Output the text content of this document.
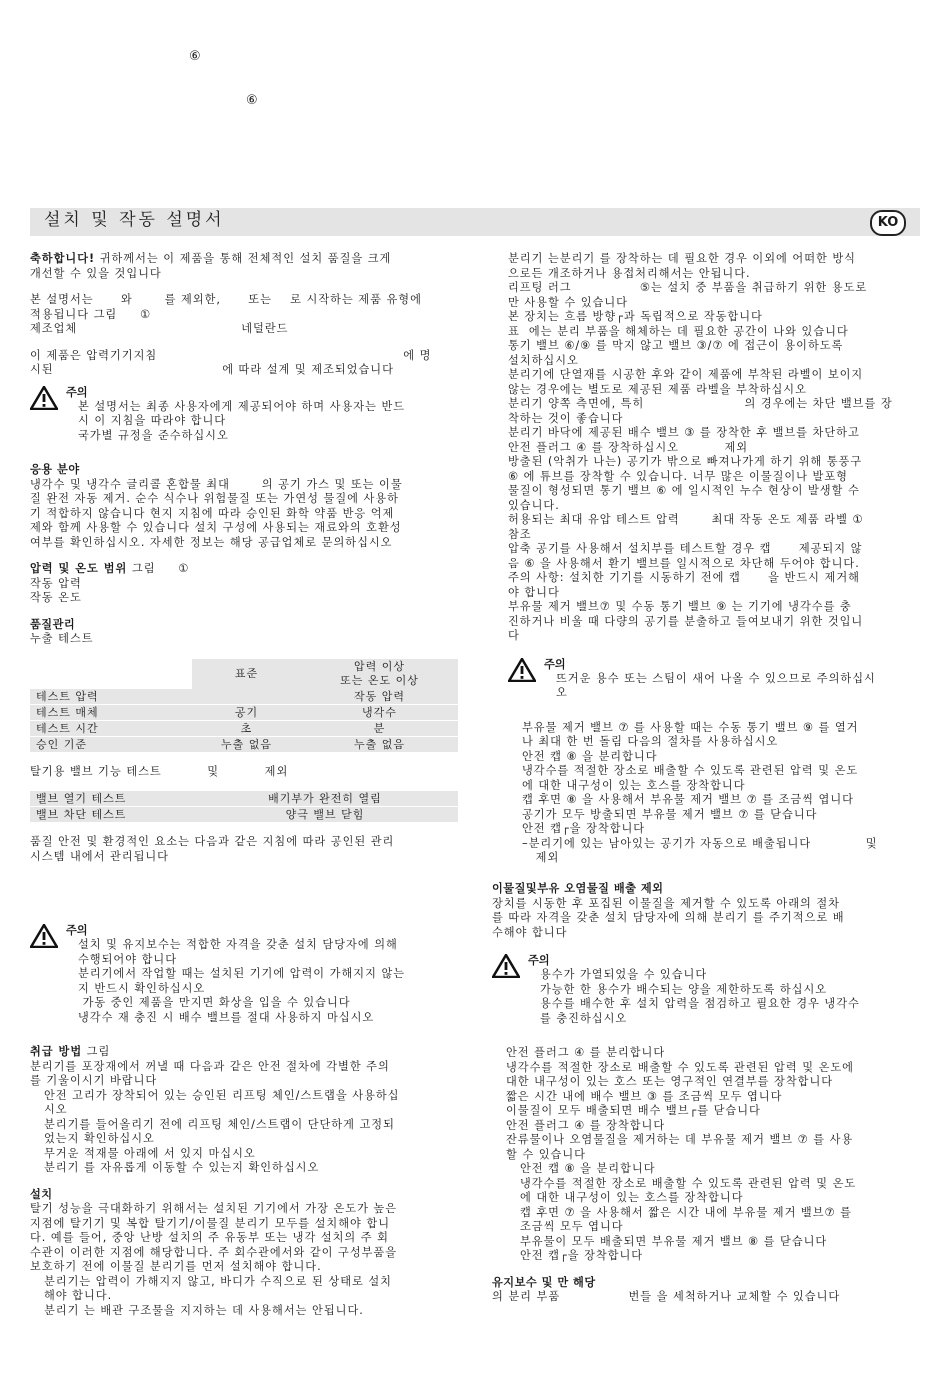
⑥
⑥
설치 및 작동 설명서	KO

축하합니다! 귀하께서는 이 제품을 통해 전체적인 설치 품질을 크게
개선할 수 있을 것입니다

본 설명서는      와       를 제외한,      또는    로 시작하는 제품 유형에
적용됩니다 그림     ①
제조업체                                    네덜란드

이 제품은 압력기기지침                                                      에 명
시된                                     에 따라 설계 및 제조되었습니다

주의

본 설명서는 최종 사용자에게 제공되어야 하며 사용자는 반드
시 이 지침을 따라야 합니다
국가별 규정을 준수하십시오

응용 분야

냉각수 및 냉각수 글리콜 혼합물 최대       의 공기 가스 및 또는 이물
질 완전 자동 제거. 순수 식수나 위험물질 또는 가연성 물질에 사용하
기 적합하지 않습니다 현지 지침에 따라 승인된 화학 약품 반응 억제
제와 함께 사용할 수 있습니다 설치 구성에 사용되는 재료와의 호환성
여부를 확인하십시오. 자세한 정보는 해당 공급업체로 문의하십시오

압력 및 온도 범위 그림     ①

작동 압력
작동 온도

품질관리

누출 테스트

	표준	압력 이상
또는 온도 이상
테스트 압력		작동 압력
테스트 매체	공기	냉각수
테스트 시간	초	분
승인 기준	누출 없음	누출 없음

탈기용 밸브 기능 테스트          및          제외

밸브 열기 테스트	배기부가 완전히 열림
밸브 차단 테스트	양극 밸브 닫힘

품질 안전 및 환경적인 요소는 다음과 같은 지침에 따라 공인된 관리
시스템 내에서 관리됩니다

주의

설치 및 유지보수는 적합한 자격을 갖춘 설치 담당자에 의해
수행되어야 합니다
분리기에서 작업할 때는 설치된 기기에 압력이 가해지지 않는
지 반드시 확인하십시오
가동 중인 제품을 만지면 화상을 입을 수 있습니다
냉각수 재 충진 시 배수 밸브를 절대 사용하지 마십시오

취급 방법 그림

분리기를 포장재에서 꺼낼 때 다음과 같은 안전 절차에 각별한 주의
를 기울이시기 바랍니다

안전 고리가 장착되어 있는 승인된 리프팅 체인/스트랩을 사용하십
시오
분리기를 들어올리기 전에 리프팅 체인/스트랩이 단단하게 고정되
었는지 확인하십시오
무거운 적재물 아래에 서 있지 마십시오
분리기 를 자유롭게 이동할 수 있는지 확인하십시오

설치

탈기 성능을 극대화하기 위해서는 설치된 기기에서 가장 온도가 높은
지점에 탈기기 및 복합 탈기기/이물질 분리기 모두를 설치해야 합니
다. 예를 들어, 중앙 난방 설치의 주 유동부 또는 냉각 설치의 주 회
수관이 이러한 지점에 해당합니다. 주 회수관에서와 같이 구성부품을
보호하기 전에 이물질 분리기를 먼저 설치해야 합니다.

분리기는 압력이 가해지지 않고, 바디가 수직으로 된 상태로 설치
해야 합니다.
분리기 는 배관 구조물을 지지하는 데 사용해서는 안됩니다.

분리기 는분리기 를 장착하는 데 필요한 경우 이외에 어떠한 방식
으로든 개조하거나 용접처리해서는 안됩니다.
리프팅 러그               ⑤는 설치 중 부품을 취급하기 위한 용도로
만 사용할 수 있습니다
본 장치는 흐름 방향┌과 독립적으로 작동합니다
표  에는 분리 부품을 해체하는 데 필요한 공간이 나와 있습니다
통기 밸브 ⑥/⑨ 를 막지 않고 밸브 ③/⑦ 에 접근이 용이하도록
설치하십시오
분리기에 단열재를 시공한 후와 같이 제품에 부착된 라벨이 보이지
않는 경우에는 별도로 제공된 제품 라벨을 부착하십시오
분리기 양쪽 측면에, 특히                      의 경우에는 차단 밸브를 장
착하는 것이 좋습니다
분리기 바닥에 제공된 배수 밸브 ③ 를 장착한 후 밸브를 차단하고
안전 플러그 ④ 를 장착하십시오          제외
방출된 (악취가 나는) 공기가 밖으로 빠져나가게 하기 위해 통풍구
⑥ 에 튜브를 장착할 수 있습니다. 너무 많은 이물질이나 발포형
물질이 형성되면 통기 밸브 ⑥ 에 일시적인 누수 현상이 발생할 수
있습니다.
허용되는 최대 유압 테스트 압력       최대 작동 온도 제품 라벨 ①
참조
압축 공기를 사용해서 설치부를 테스트할 경우 캡      제공되지 않
음 ⑥ 을 사용해서 환기 밸브를 일시적으로 차단해 두어야 합니다.
주의 사항: 설치한 기기를 시동하기 전에 캡      을 반드시 제거해
야 합니다
부유물 제거 밸브⑦ 및 수동 통기 밸브 ⑨ 는 기기에 냉각수를 충
진하거나 비울 때 다량의 공기를 분출하고 들여보내기 위한 것입니
다

주의

뜨거운 용수 또는 스팀이 새어 나올 수 있으므로 주의하십시
오

부유물 제거 밸브 ⑦ 를 사용할 때는 수동 통기 밸브 ⑨ 를 열거
나 최대 한 번 돌림 다음의 절차를 사용하십시오
안전 캡 ⑧ 을 분리합니다
냉각수를 적절한 장소로 배출할 수 있도록 관련된 압력 및 온도
에 대한 내구성이 있는 호스를 장착합니다
캡 후면 ⑧ 을 사용해서 부유물 제거 밸브 ⑦ 를 조금씩 엽니다
공기가 모두 방출되면 부유물 제거 밸브 ⑦ 를 닫습니다
안전 캡┌을 장착합니다
–분리기에 있는 남아있는 공기가 자동으로 배출됩니다            및
제외

이물질및부유 오염물질 배출 제외

장치를 시동한 후 포집된 이물질을 제거할 수 있도록 아래의 절차
를 따라 자격을 갖춘 설치 담당자에 의해 분리기 를 주기적으로 배
수해야 합니다

주의

용수가 가열되었을 수 있습니다
가능한 한 용수가 배수되는 양을 제한하도록 하십시오
용수를 배수한 후 설치 압력을 점검하고 필요한 경우 냉각수
를 충진하십시오

안전 플러그 ④ 를 분리합니다
냉각수를 적절한 장소로 배출할 수 있도록 관련된 압력 및 온도에
대한 내구성이 있는 호스 또는 영구적인 연결부를 장착합니다
짧은 시간 내에 배수 밸브 ③ 를 조금씩 모두 엽니다
이물질이 모두 배출되면 배수 밸브┌를 닫습니다
안전 플러그 ④ 를 장착합니다
잔류물이나 오염물질을 제거하는 데 부유물 제거 밸브 ⑦ 를 사용
할 수 있습니다

안전 캡 ⑧ 을 분리합니다
냉각수를 적절한 장소로 배출할 수 있도록 관련된 압력 및 온도
에 대한 내구성이 있는 호스를 장착합니다
캡 후면 ⑦ 을 사용해서 짧은 시간 내에 부유물 제거 밸브⑦ 를
조금씩 모두 엽니다
부유물이 모두 배출되면 부유물 제거 밸브 ⑧ 를 닫습니다
안전 캡┌을 장착합니다

유지보수 및 만 해당

의 분리 부품               번들 을 세척하거나 교체할 수 있습니다
